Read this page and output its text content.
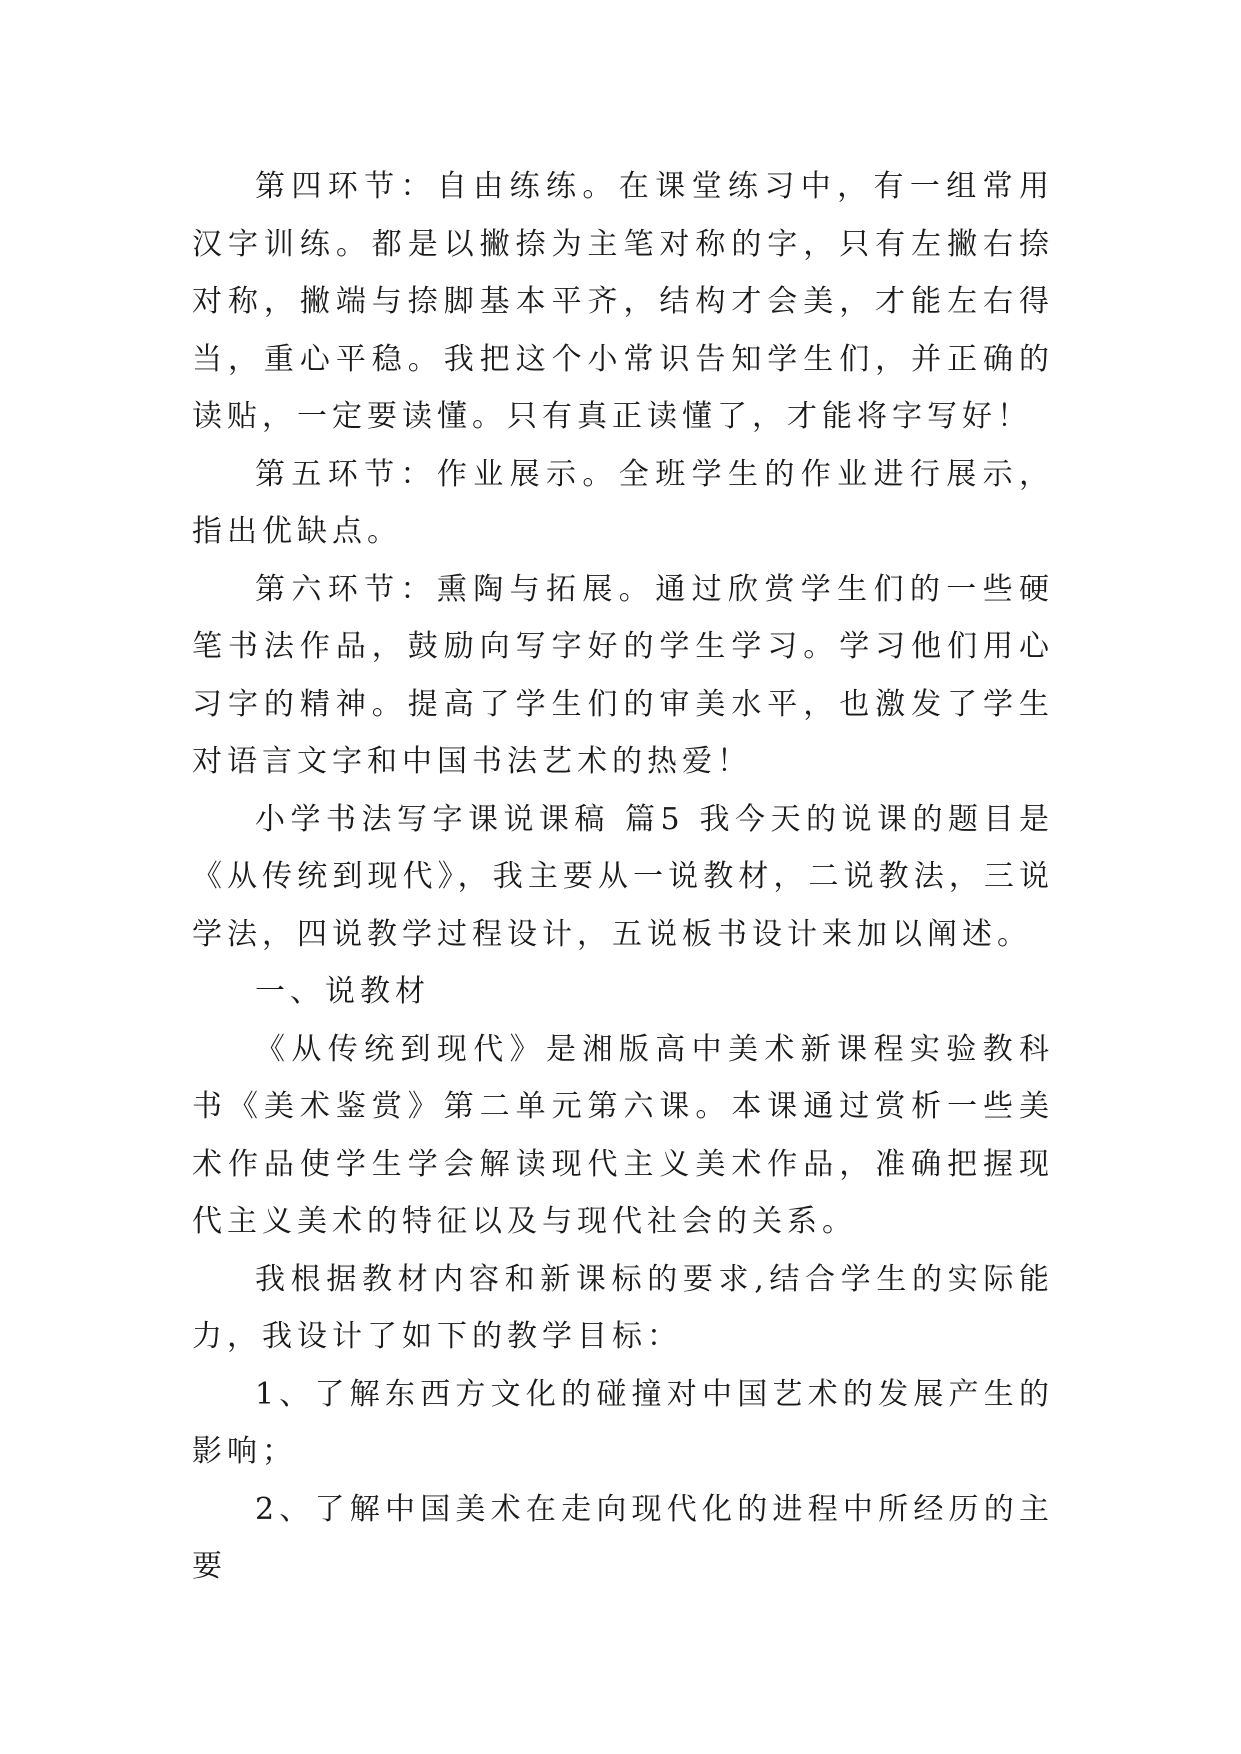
第四环节：自由练练。在课堂练习中，有一组常用汉字训练。都是以撇捺为主笔对称的字，只有左撇右捺对称，撇端与捺脚基本平齐，结构才会美，才能左右得当，重心平稳。我把这个小常识告知学生们，并正确的读贴，一定要读懂。只有真正读懂了，才能将字写好！

第五环节：作业展示。全班学生的作业进行展示，指出优缺点。

第六环节：熏陶与拓展。通过欣赏学生们的一些硬笔书法作品，鼓励向写字好的学生学习。学习他们用心习字的精神。提高了学生们的审美水平，也激发了学生对语言文字和中国书法艺术的热爱！

小学书法写字课说课稿 篇5 我今天的说课的题目是《从传统到现代》，我主要从一说教材，二说教法，三说学法，四说教学过程设计，五说板书设计来加以阐述。

一、说教材

《从传统到现代》是湘版高中美术新课程实验教科书《美术鉴赏》第二单元第六课。本课通过赏析一些美术作品使学生学会解读现代主义美术作品，准确把握现代主义美术的特征以及与现代社会的关系。

我根据教材内容和新课标的要求,结合学生的实际能力，我设计了如下的教学目标：

1、了解东西方文化的碰撞对中国艺术的发展产生的影响；

2、了解中国美术在走向现代化的进程中所经历的主要
